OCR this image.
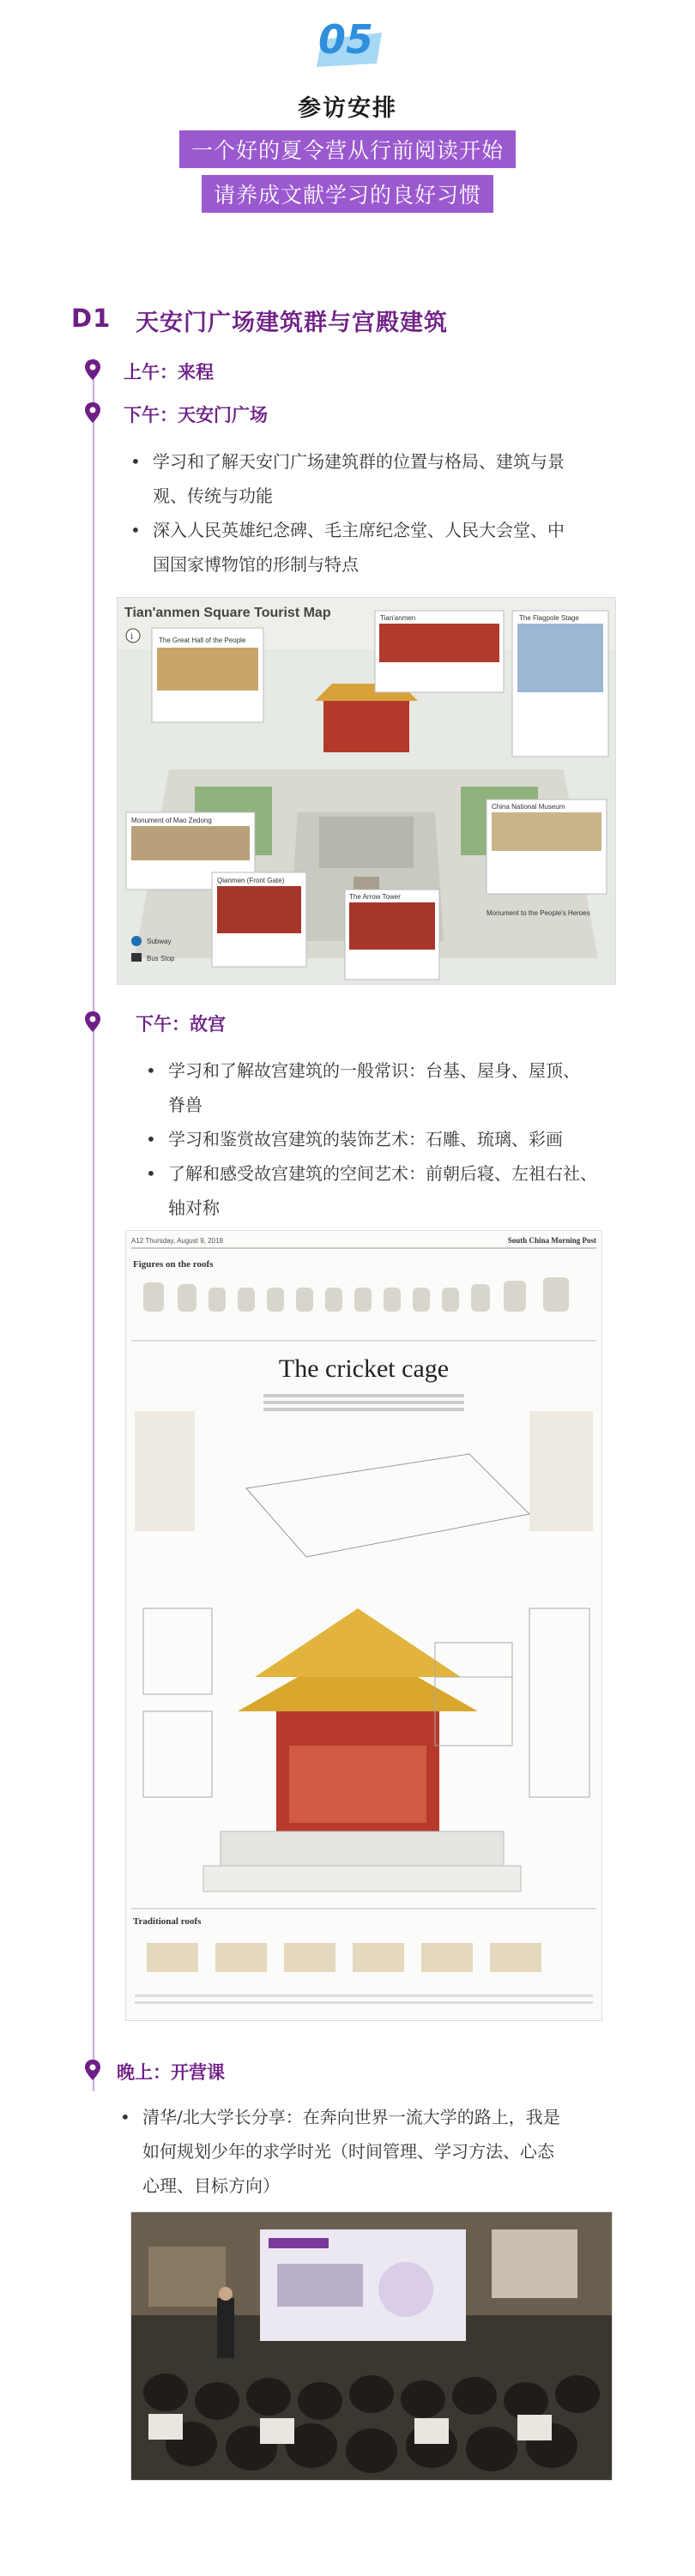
05
参访安排
一个好的夏令营从行前阅读开始
请养成文献学习的良好习惯
D1 天安门广场建筑群与宫殿建筑
上午：来程
下午：天安门广场
• 学习和了解天安门广场建筑群的位置与格局、建筑与景
观、传统与功能
• 深入人民英雄纪念碑、毛主席纪念堂、人民大会堂、中
国国家博物馆的形制与特点
Tian'anmen Square Tourist Map
i	The Great Hall of the People
Tian'anmen	The Flagpole Stage
Monument of Mao Zedong
China National Museum
Qianmen (Front Gate)
The Arrow Tower
Monument to the People's Heroes
Subway
Bus Stop
下午：故宫
• 学习和了解故宫建筑的一般常识：台基、屋身、屋顶、
脊兽
• 学习和鉴赏故宫建筑的装饰艺术：石雕、琉璃、彩画
• 了解和感受故宫建筑的空间艺术：前朝后寝、左祖右社、
轴对称
A12 Thursday, August 9, 2018	South China Morning Post
Figures on the roofs
The cricket cage
Traditional roofs
晚上：开营课
• 清华/北大学长分享：在奔向世界一流大学的路上，我是
如何规划少年的求学时光（时间管理、学习方法、心态
心理、目标方向）
